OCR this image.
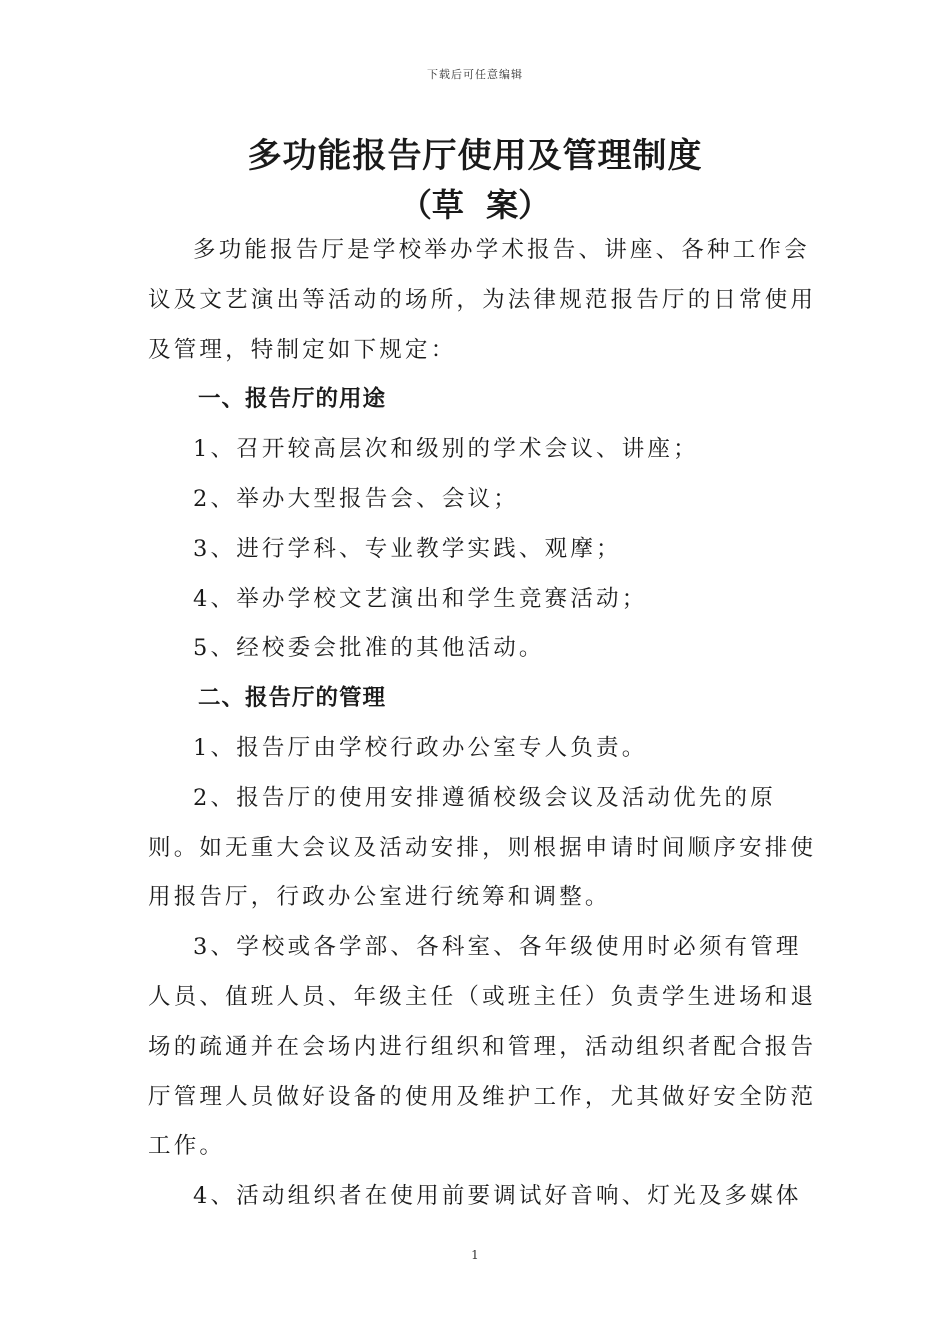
下载后可任意编辑
多功能报告厅使用及管理制度
（草  案）

多功能报告厅是学校举办学术报告、讲座、各种工作会议及文艺演出等活动的场所，为法律规范报告厅的日常使用及管理，特制定如下规定：

一、报告厅的用途

1、召开较高层次和级别的学术会议、讲座；

2、举办大型报告会、会议；

3、进行学科、专业教学实践、观摩；

4、举办学校文艺演出和学生竞赛活动；

5、经校委会批准的其他活动。

二、报告厅的管理

1、报告厅由学校行政办公室专人负责。

2、报告厅的使用安排遵循校级会议及活动优先的原则。如无重大会议及活动安排，则根据申请时间顺序安排使用报告厅，行政办公室进行统筹和调整。

3、学校或各学部、各科室、各年级使用时必须有管理人员、值班人员、年级主任（或班主任）负责学生进场和退场的疏通并在会场内进行组织和管理，活动组织者配合报告厅管理人员做好设备的使用及维护工作，尤其做好安全防范工作。

4、活动组织者在使用前要调试好音响、灯光及多媒体

1
